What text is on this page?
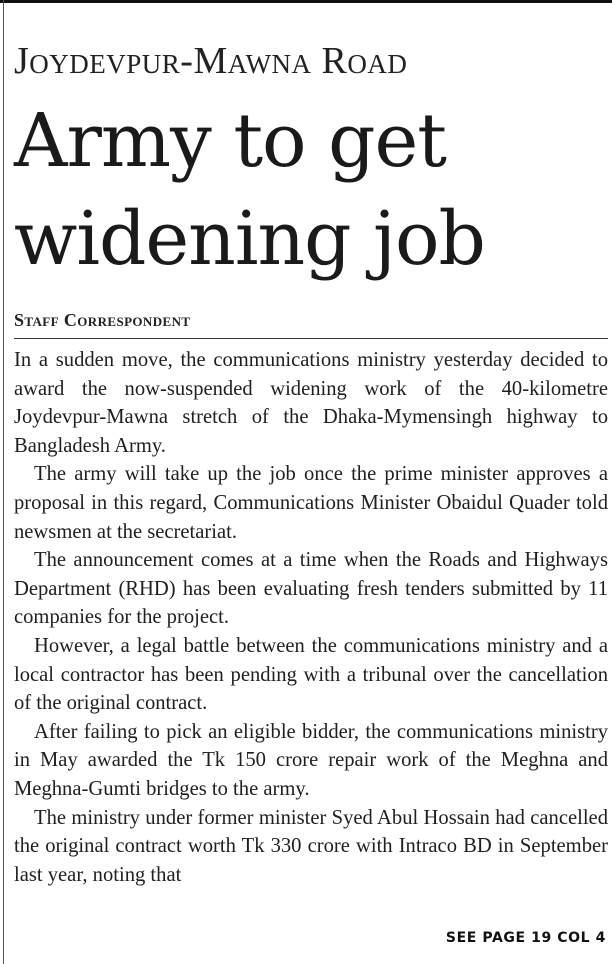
Joydevpur-Mawna Road
Army to get widening job
Staff Correspondent

In a sudden move, the communications ministry yesterday decided to award the now-suspended widening work of the 40-kilometre Joydevpur-Mawna stretch of the Dhaka-Mymensingh highway to Bangladesh Army.

The army will take up the job once the prime minister approves a proposal in this regard, Communications Minister Obaidul Quader told newsmen at the secretariat.

The announcement comes at a time when the Roads and Highways Department (RHD) has been evaluating fresh tenders submitted by 11 companies for the project.

However, a legal battle between the communications ministry and a local contractor has been pending with a tribunal over the cancellation of the original contract.

After failing to pick an eligible bidder, the communications ministry in May awarded the Tk 150 crore repair work of the Meghna and Meghna-Gumti bridges to the army.

The ministry under former minister Syed Abul Hossain had cancelled the original contract worth Tk 330 crore with Intraco BD in September last year, noting that

SEE PAGE 19 COL 4
